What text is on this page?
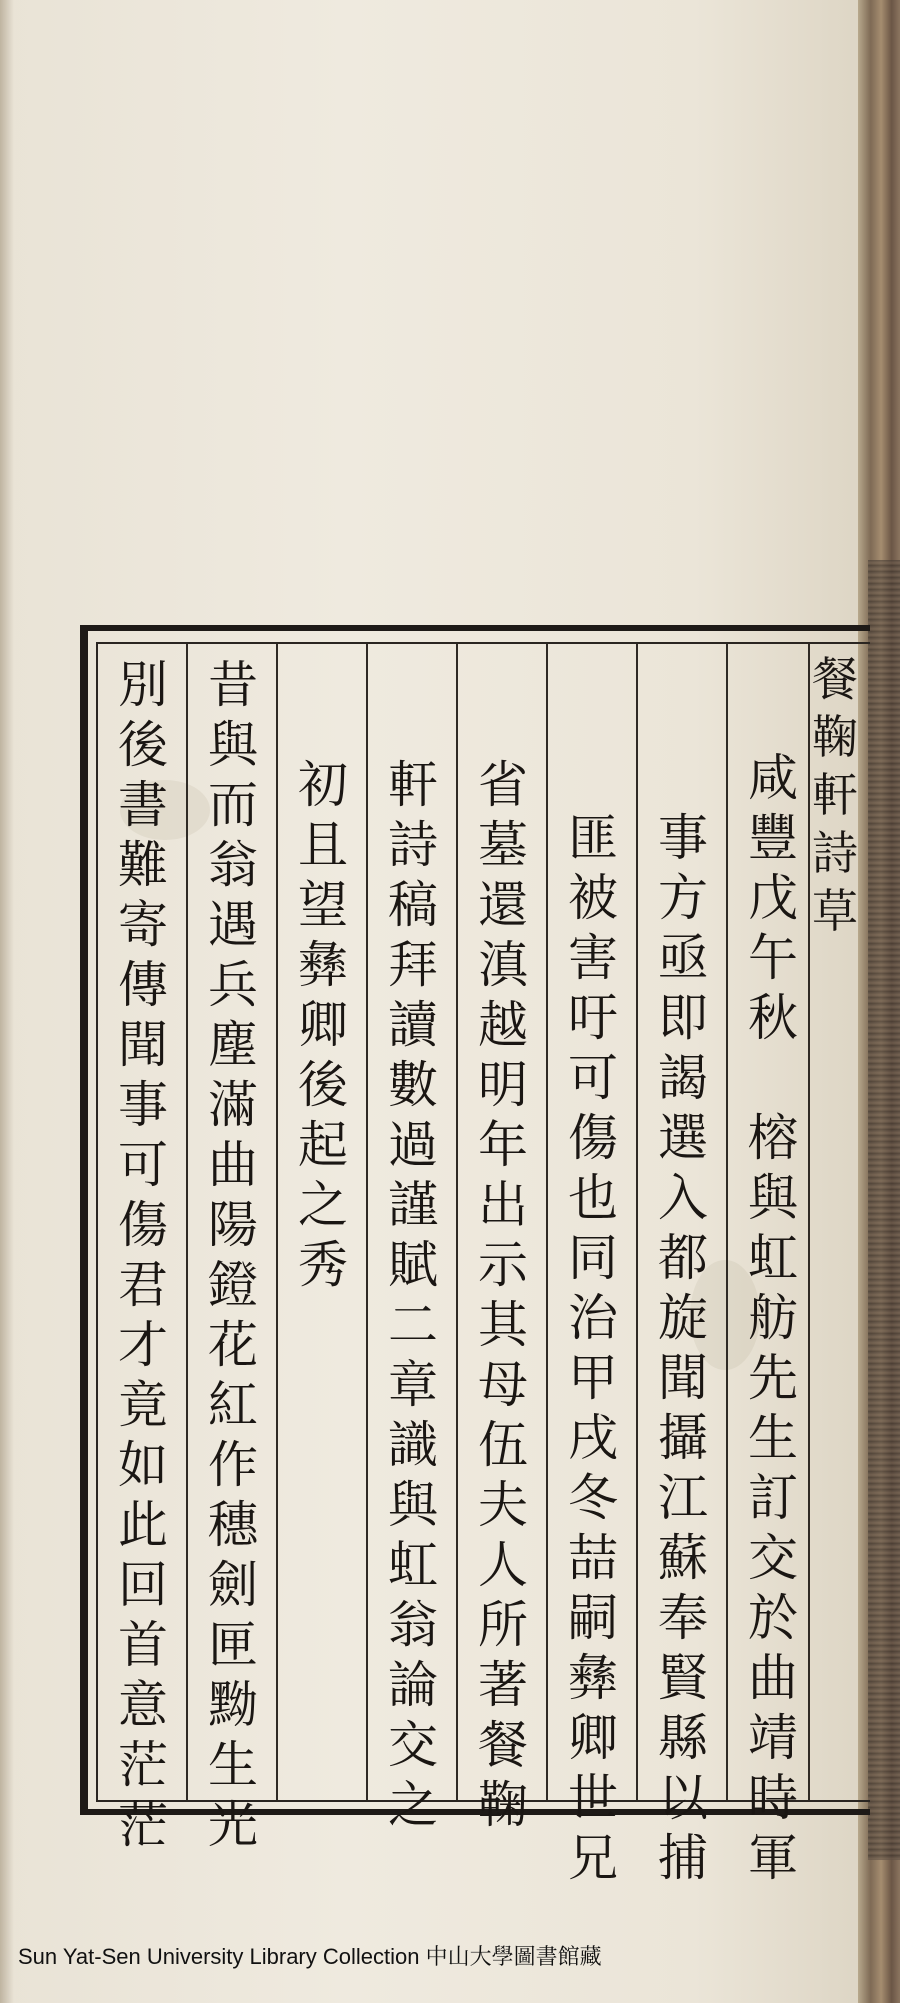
餐
鞠
軒
詩
草
咸
豐
戊
午
秋

榕
與
虹
舫
先
生
訂
交
於
曲
靖
時
軍
事
方
亟
即
謁
選
入
都
旋
聞
攝
江
蘇
奉
賢
縣
以
捕
匪
被
害
吁
可
傷
也
同
治
甲
戌
冬
喆
嗣
彝
卿
世
兄
省
墓
還
滇
越
明
年
出
示
其
母
伍
夫
人
所
著
餐
鞠
軒
詩
稿
拜
讀
數
過
謹
賦
二
章
識
與
虹
翁
論
交
之
初
且
望
彝
卿
後
起
之
秀
昔
與
而
翁
遇
兵
塵
滿
曲
陽
鐙
花
紅
作
穗
劍
匣
黝
生
光
別
後
書
難
寄
傳
聞
事
可
傷
君
才
竟
如
此
回
首
意
茫
茫
Sun Yat-Sen University Library Collection 中山大學圖書館藏
